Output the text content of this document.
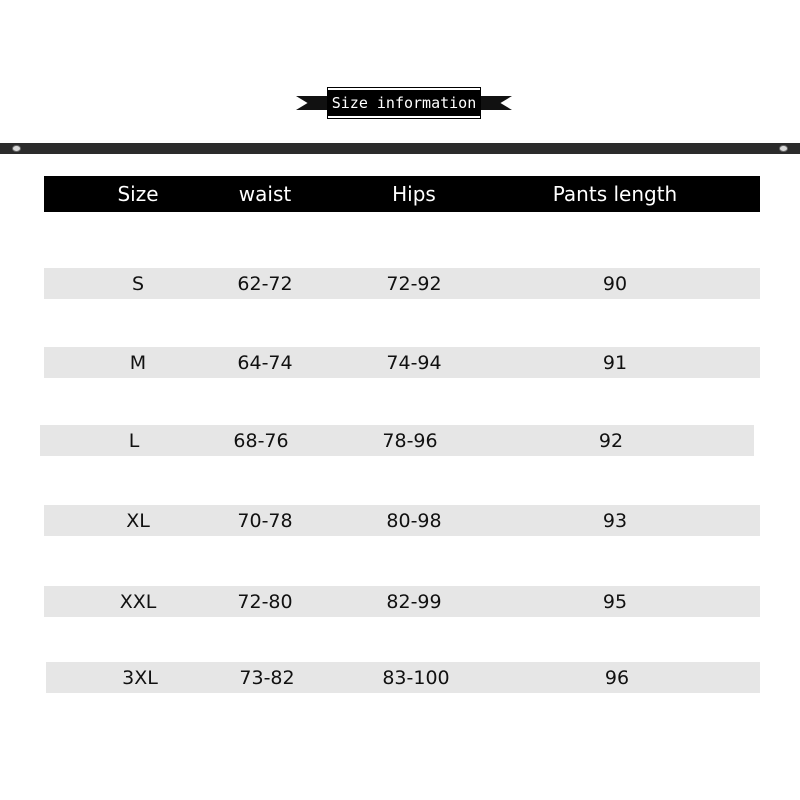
Size information
Size	waist	Hips	Pants length
S	62-72	72-92	90
M	64-74	74-94	91
L	68-76	78-96	92
XL	70-78	80-98	93
XXL	72-80	82-99	95
3XL	73-82	83-100	96
